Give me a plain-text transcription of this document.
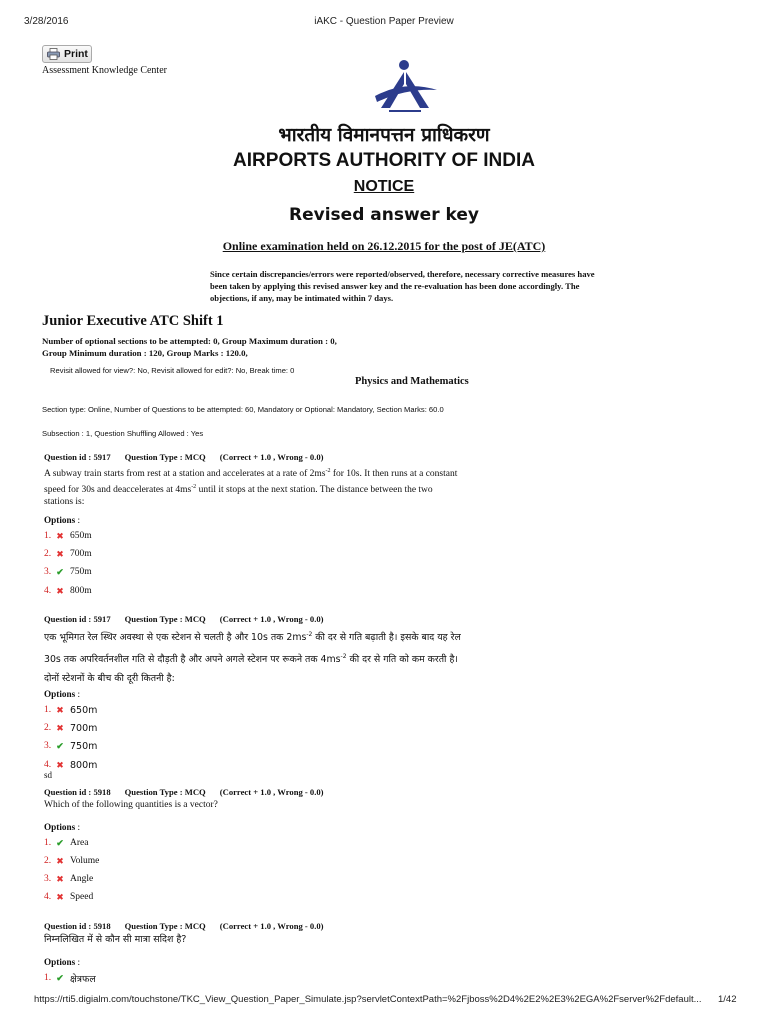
3/28/2016	iAKC - Question Paper Preview
Print
Assessment Knowledge Center
भारतीय विमानपत्तन प्राधिकरण
AIRPORTS AUTHORITY OF INDIA
NOTICE
Revised answer key
Online examination held on 26.12.2015 for the post of JE(ATC)
Since certain discrepancies/errors were reported/observed, therefore, necessary corrective measures have been taken by applying this revised answer key and the re-evaluation has been done accordingly. The objections, if any, may be intimated within 7 days.
Junior Executive ATC Shift 1
Number of optional sections to be attempted: 0, Group Maximum duration : 0,
Group Minimum duration : 120, Group Marks : 120.0,
Revisit allowed for view?: No, Revisit allowed for edit?: No, Break time: 0
Physics and Mathematics
Section type: Online, Number of Questions to be attempted: 60, Mandatory or Optional: Mandatory, Section Marks: 60.0
Subsection : 1, Question Shuffling Allowed : Yes
Question id : 5917 Question Type : MCQ (Correct + 1.0 , Wrong - 0.0)
A subway train starts from rest at a station and accelerates at a rate of $2ms^{-2}$ for 10s. It then runs at a constant speed for 30s and deaccelerates at $4ms^{-2}$ until it stops at the next station. The distance between the two stations is:
Options :
1. ✖ 650m
2. ✖ 700m
3. ✔ 750m
4. ✖ 800m
Question id : 5917 Question Type : MCQ (Correct + 1.0 , Wrong - 0.0)
एक भूमिगत रेल स्थिर अवस्था से एक स्टेशन से चलती है और 10s तक $2ms^{-2}$ की दर से गति बढ़ाती है। इसके बाद यह रेल 30s तक अपरिवर्तनशील गति से दौड़ती है और अपने अगले स्टेशन पर रूकने तक $4ms^{-2}$ की दर से गति को कम करती है। दोनों स्टेशनों के बीच की दूरी कितनी है:
Options :
1. ✖ 650m
2. ✖ 700m
3. ✔ 750m
4. ✖ 800m
sd
Question id : 5918 Question Type : MCQ (Correct + 1.0 , Wrong - 0.0)
Which of the following quantities is a vector?
Options :
1. ✔ Area
2. ✖ Volume
3. ✖ Angle
4. ✖ Speed
Question id : 5918 Question Type : MCQ (Correct + 1.0 , Wrong - 0.0)
निम्नलिखित में से कौन सी मात्रा सदिश है?
Options :
1. ✔ क्षेत्रफल
https://rti5.digialm.com/touchstone/TKC_View_Question_Paper_Simulate.jsp?servletContextPath=%2Fjboss%2D4%2E2%2E3%2EGA%2Fserver%2Fdefault...	1/42
